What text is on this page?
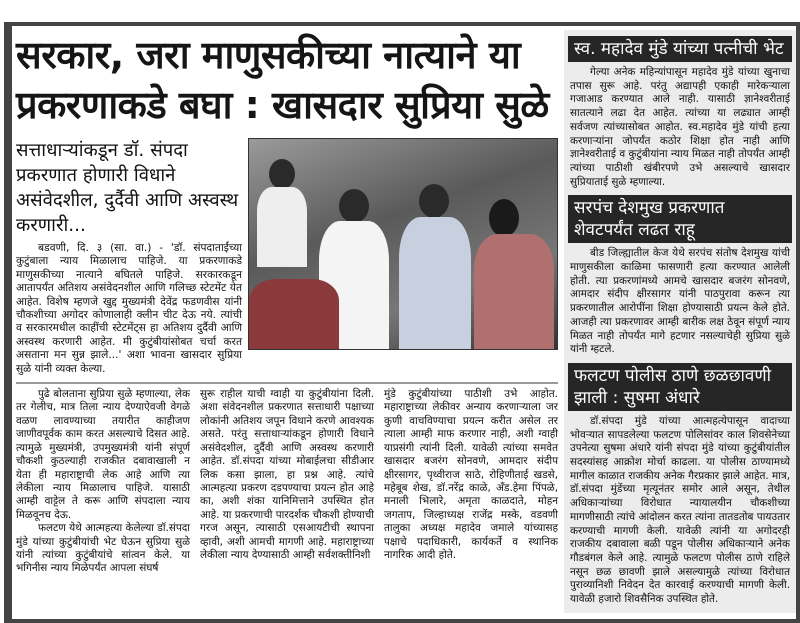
सरकार, जरा माणुसकीच्या नात्याने या
प्रकरणाकडे बघा : खासदार सुप्रिया सुळे
सत्ताधाऱ्यांकडून डॉ. संपदा प्रकरणात होणारी विधाने असंवेदशील, दुर्दैवी आणि अस्वस्थ करणारी...

बडवणी, दि. ३ (सा. वा.) - 'डॉ. संपदाताईंच्या कुटुंबाला न्याय मिळालाच पाहिजे. या प्रकरणाकडे माणुसकीच्या नात्याने बघितले पाहिजे. सरकारकडून आतापर्यंत अतिशय असंवेदनशील आणि गलिच्छ स्टेटमेंट येत आहेत. विशेष म्हणजे खुद्द मुख्यमंत्री देवेंद्र फडणवीस यांनी चौकशीच्या अगोदर कोणालाही क्लीन चीट देऊ नये. त्यांची व सरकारमधील काहींची स्टेटमेंट्स हा अतिशय दुर्दैवी आणि अस्वस्थ करणारी आहेत. मी कुटुंबीयांसोबत चर्चा करत असताना मन सुन्न झाले...' अशा भावना खासदार सुप्रिया सुळे यांनी व्यक्त केल्या.

पुढे बोलताना सुप्रिया सुळे म्हणाल्या, लेक तर गेलीच, मात्र तिला न्याय देण्याऐवजी वेगळे वळण लावण्याच्या तयारीत काहीजण जाणीवपूर्वक काम करत असल्याचे दिसत आहे. त्यामुळे मुख्यमंत्री, उपमुख्यमंत्री यांनी संपूर्ण चौकशी कुठल्याही राजकीत दबावाखाली न येता ही महाराष्ट्राची लेक आहे आणि त्या लेकीला न्याय मिळालाच पाहिजे. यासाठी आम्ही वाट्टेल ते करू आणि संपदाला न्याय मिळवूनच देऊ.

फलटण येथे आत्महत्या केलेल्या डॉ.संपदा मुंडे यांच्या कुटुंबीयांची भेट घेऊन सुप्रिया सुळे यांनी त्यांच्या कुटुंबीयांचे सांत्वन केले. या भगिनीस न्याय मिळेपर्यंत आपला संघर्ष

सुरू राहील याची ग्वाही या कुटुंबीयांना दिली. अशा संवेदनशील प्रकरणात सत्ताधारी पक्षाच्या लोकांनी अतिशय जपून विधाने करणे आवश्यक असते. परंतु सत्ताधाऱ्यांकडून होणारी विधाने असंवेदशील, दुर्दैवी आणि अस्वस्थ करणारी आहेत. डॉ.संपदा यांच्या मोबाईलचा सीडीआर लिक कसा झाला, हा प्रश्न आहे. त्यांचे आत्महत्या प्रकरण दडपण्याचा प्रयत्न होत आहे का, अशी शंका यानिमित्ताने उपस्थित होत आहे. या प्रकरणाची पारदर्शक चौकशी होण्याची गरज असून, त्यासाठी एसआयटीची स्थापना व्हावी, अशी आमची मागणी आहे. महाराष्ट्राच्या लेकीला न्याय देण्यासाठी आम्ही सर्वशक्तीनिशी

मुंडे कुटुंबीयांच्या पाठीशी उभे आहोत. महाराष्ट्राच्या लेकीवर अन्याय करणाऱ्याला जर कुणी वाचविण्याचा प्रयत्न करीत असेल तर त्याला आम्ही माफ करणार नाही, अशी ग्वाही याप्रसंगी त्यांनी दिली. यावेळी त्यांच्या समवेत खासदार बजरंग सोनवणे, आमदार संदीप क्षीरसागर, पृथ्वीराज साठे, रोहिणीताई खडसे, महेबूब शेख, डॉ.नरेंद्र काळे, अँड.हेमा पिंपळे, मनाली भिलारे, अमृता काळदाते, मोहन जगताप, जिल्हाध्यक्ष राजेंद्र मस्के, वडवणी तालुका अध्यक्ष महादेव जमाले यांच्यासह पक्षाचे पदाधिकारी, कार्यकर्ते व स्थानिक नागरिक आदी होते.

स्व. महादेव मुंडे यांच्या पत्नीची भेट

गेल्या अनेक महिन्यांपासून महादेव मुंडे यांच्या खुनाचा तपास सुरू आहे. परंतु अद्यापही एकाही मारेकऱ्याला गजाआड करण्यात आले नाही. यासाठी ज्ञानेश्वरीताई सातत्याने लढा देत आहेत. त्यांच्या या लढ्यात आम्ही सर्वजण त्यांच्यासोबत आहोत. स्व.महादेव मुंडे यांची हत्या करणाऱ्यांना जोपर्यंत कठोर शिक्षा होत नाही आणि ज्ञानेश्वरीताई व कुटुंबीयांना न्याय मिळत नाही तोपर्यंत आम्ही त्यांच्या पाठीशी खंबीरपणे उभे असल्याचे खासदार सुप्रियाताई सुळे म्हणाल्या.

सरपंच देशमुख प्रकरणात शेवटपर्यंत लढत राहू

बीड जिल्ह्यातील केज येथे सरपंच संतोष देशमुख यांची माणुसकीला काळिमा फासणारी हत्या करण्यात आलेली होती. त्या प्रकरणांमध्ये आमचे खासदार बजरंग सोनवणे, आमदार संदीप क्षीरसागर यांनी पाठपुरावा करून त्या प्रकरणातील आरोपींना शिक्षा होण्यासाठी प्रयत्न केले होते. आजही त्या प्रकरणावर आम्ही बारीक लक्ष ठेवून संपूर्ण न्याय मिळत नाही तोपर्यंत मागे हटणार नसल्याचेही सुप्रिया सुळे यांनी म्हटले.

फलटण पोलीस ठाणे छळछावणी झाली : सुषमा अंधारे

डॉ.संपदा मुंडे यांच्या आत्महत्येपासून वादाच्या भोवऱ्यात सापडलेल्या फलटण पोलिसांवर काल शिवसेनेच्या उपनेत्या सुषमा अंधारे यांनी संपदा मुंडे यांच्या कुटुंबीयांतील सदस्यांसह आक्रोश मोर्चा काढला. या पोलीस ठाण्यामध्ये मागील काळात राजकीय अनेक गैरप्रकार झाले आहेत. मात्र, डॉ.संपदा मुंडेंच्या मृत्यूनंतर समोर आले असून, तेथील अधिकाऱ्यांच्या विरोधात न्यायालयीन चौकशीच्या मागणीसाठी त्यांचे आंदोलन करत त्यांना तातडतोब पायउतार करण्याची मागणी केली. यावेळी त्यांनी या अगोदरही राजकीय दबावाला बळी पडून पोलीस अधिकाऱ्याने अनेक गौडबंगल केले आहे. त्यामुळे फलटण पोलीस ठाणे राहिले नसून छळ छावणी झाले असल्यामुळे त्यांच्या विरोधात पुराव्यानिशी निवेदन देत कारवाई करण्याची मागणी केली. यावेळी हजारो शिवसैनिक उपस्थित होते.
